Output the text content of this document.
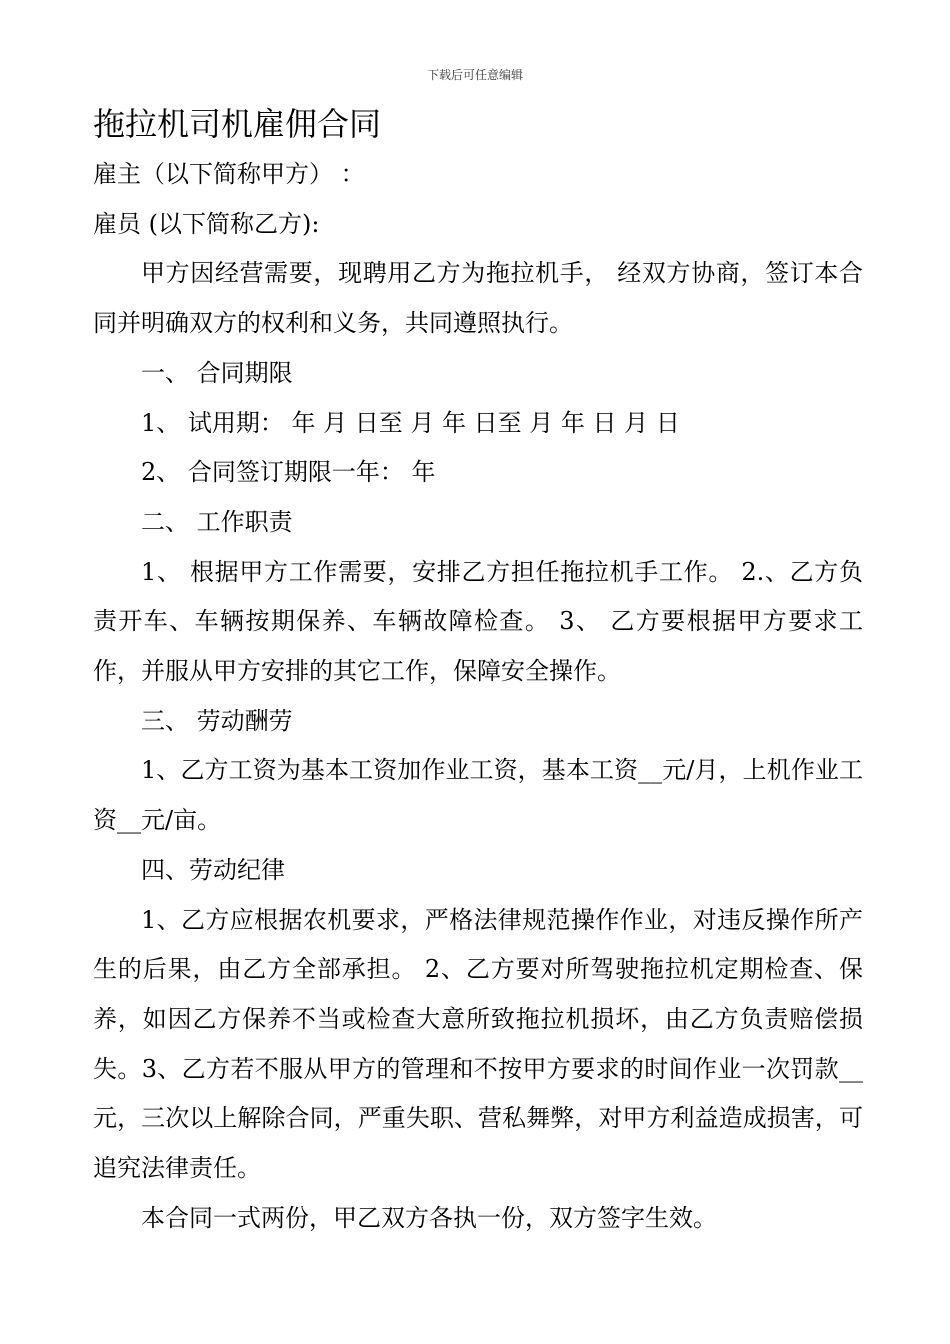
下载后可任意编辑
拖拉机司机雇佣合同

雇主（以下简称甲方） ：

雇员 (以下简称乙方):

甲方因经营需要，现聘用乙方为拖拉机手， 经双方协商，签订本合同并明确双方的权利和义务，共同遵照执行。

一、 合同期限

1、 试用期： 年 月 日至 月 年 日至 月 年 日 月 日

2、 合同签订期限一年： 年

二、 工作职责

1、 根据甲方工作需要，安排乙方担任拖拉机手工作。 2.、乙方负责开车、车辆按期保养、车辆故障检查。 3、 乙方要根据甲方要求工作，并服从甲方安排的其它工作，保障安全操作。

三、 劳动酬劳

1、乙方工资为基本工资加作业工资，基本工资__元/月，上机作业工资__元/亩。

四、劳动纪律

1、乙方应根据农机要求，严格法律规范操作作业，对违反操作所产生的后果，由乙方全部承担。 2、乙方要对所驾驶拖拉机定期检查、保养，如因乙方保养不当或检查大意所致拖拉机损坏，由乙方负责赔偿损失。3、乙方若不服从甲方的管理和不按甲方要求的时间作业一次罚款__元，三次以上解除合同，严重失职、营私舞弊，对甲方利益造成损害，可追究法律责任。

本合同一式两份，甲乙双方各执一份，双方签字生效。
